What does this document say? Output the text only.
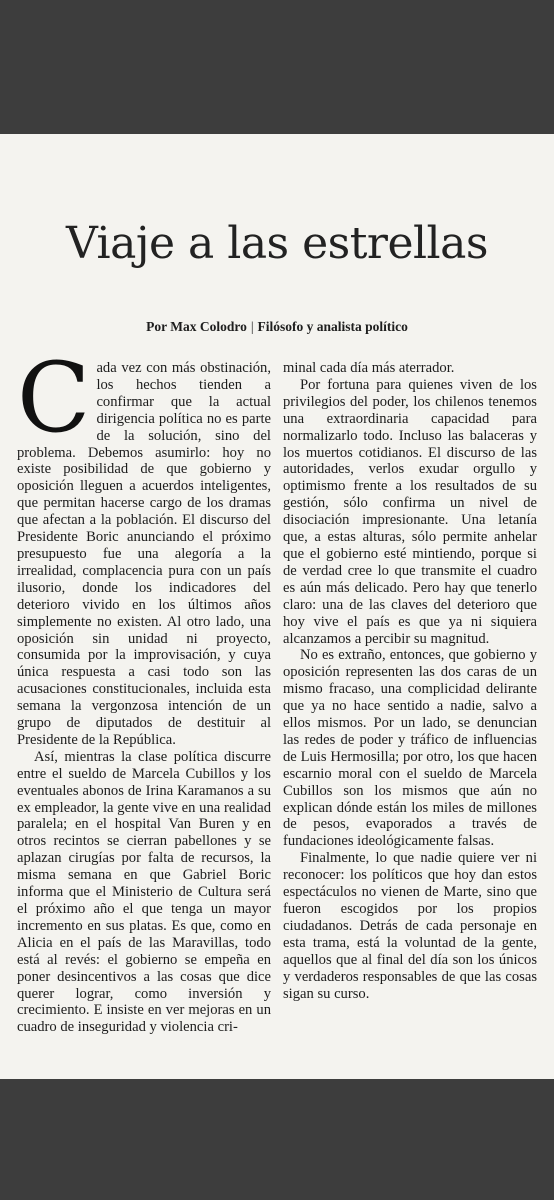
Viaje a las estrellas
Por Max Colodro | Filósofo y analista político

Cada vez con más obstinación, los hechos tienden a confirmar que la actual dirigencia política no es parte de la solución, sino del problema. Debemos asumirlo: hoy no existe posibilidad de que gobierno y oposición lleguen a acuerdos inteligentes, que permitan hacerse cargo de los dramas que afectan a la población. El discurso del Presidente Boric anunciando el próximo presupuesto fue una alegoría a la irrealidad, complacencia pura con un país ilusorio, donde los indicadores del deterioro vivido en los últimos años simplemente no existen. Al otro lado, una oposición sin unidad ni proyecto, consumida por la improvisación, y cuya única respuesta a casi todo son las acusaciones constitucionales, incluida esta semana la vergonzosa intención de un grupo de diputados de destituir al Presidente de la República.

Así, mientras la clase política discurre entre el sueldo de Marcela Cubillos y los eventuales abonos de Irina Karamanos a su ex empleador, la gente vive en una realidad paralela; en el hospital Van Buren y en otros recintos se cierran pabellones y se aplazan cirugías por falta de recursos, la misma semana en que Gabriel Boric informa que el Ministerio de Cultura será el próximo año el que tenga un mayor incremento en sus platas. Es que, como en Alicia en el país de las Maravillas, todo está al revés: el gobierno se empeña en poner desincentivos a las cosas que dice querer lograr, como inversión y crecimiento. E insiste en ver mejoras en un cuadro de inseguridad y violencia cri-

minal cada día más aterrador.

Por fortuna para quienes viven de los privilegios del poder, los chilenos tenemos una extraordinaria capacidad para normalizarlo todo. Incluso las balaceras y los muertos cotidianos. El discurso de las autoridades, verlos exudar orgullo y optimismo frente a los resultados de su gestión, sólo confirma un nivel de disociación impresionante. Una letanía que, a estas alturas, sólo permite anhelar que el gobierno esté mintiendo, porque si de verdad cree lo que transmite el cuadro es aún más delicado. Pero hay que tenerlo claro: una de las claves del deterioro que hoy vive el país es que ya ni siquiera alcanzamos a percibir su magnitud.

No es extraño, entonces, que gobierno y oposición representen las dos caras de un mismo fracaso, una complicidad delirante que ya no hace sentido a nadie, salvo a ellos mismos. Por un lado, se denuncian las redes de poder y tráfico de influencias de Luis Hermosilla; por otro, los que hacen escarnio moral con el sueldo de Marcela Cubillos son los mismos que aún no explican dónde están los miles de millones de pesos, evaporados a través de fundaciones ideológicamente falsas.

Finalmente, lo que nadie quiere ver ni reconocer: los políticos que hoy dan estos espectáculos no vienen de Marte, sino que fueron escogidos por los propios ciudadanos. Detrás de cada personaje en esta trama, está la voluntad de la gente, aquellos que al final del día son los únicos y verdaderos responsables de que las cosas sigan su curso.
